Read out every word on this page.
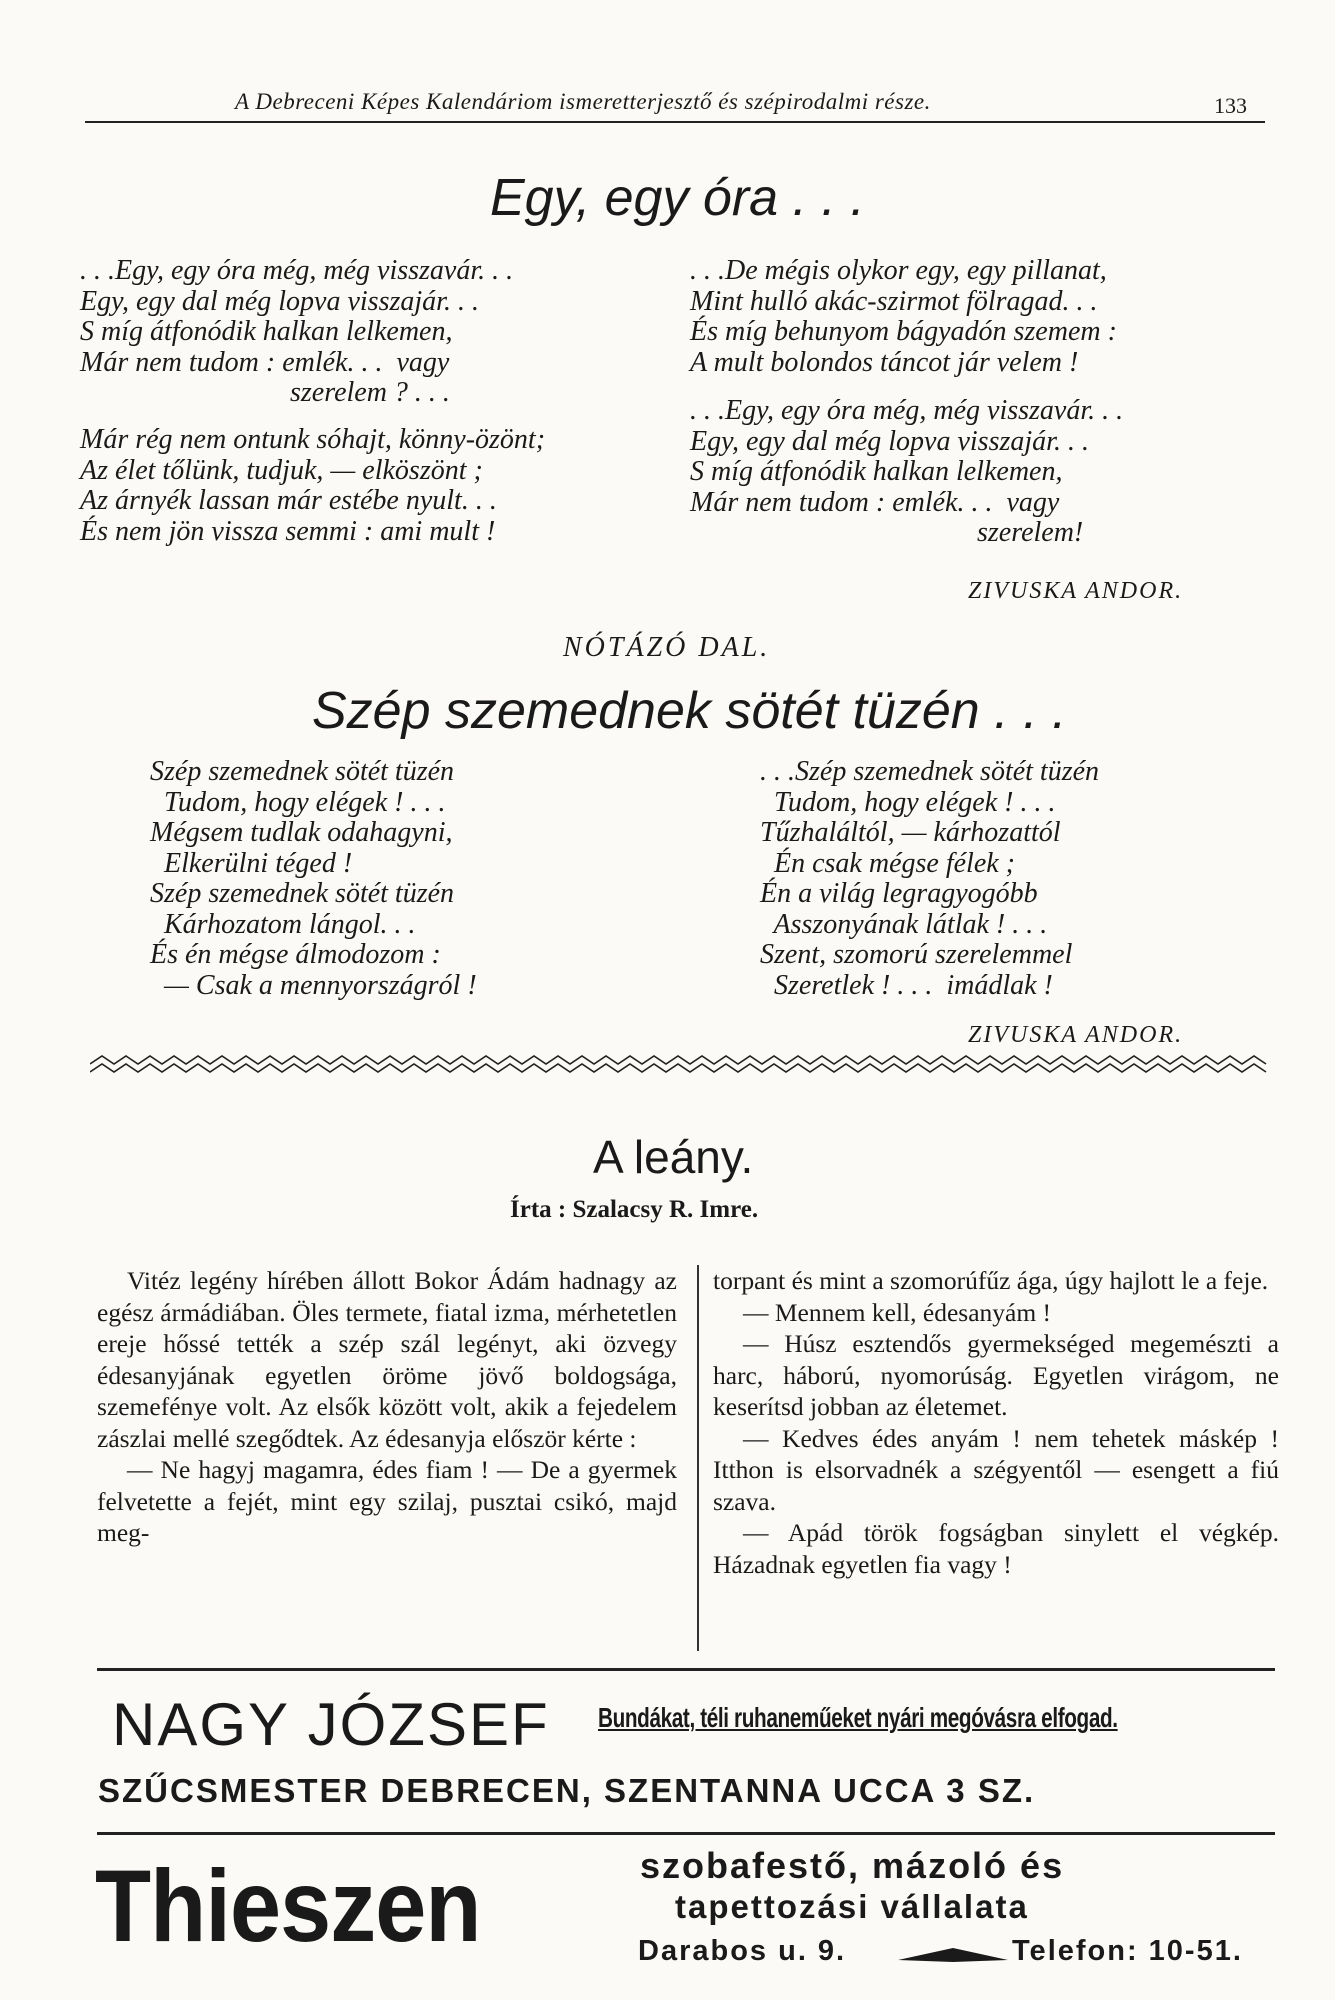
A Debreceni Képes Kalendáriom ismeretterjesztő és szépirodalmi része.	133
Egy, egy óra . . .
. . .Egy, egy óra még, még visszavár. . .
Egy, egy dal még lopva visszajár. . .
S míg átfonódik halkan lelkemen,
Már nem tudom : emlék. . .  vagy
szerelem ? . . .
Már rég nem ontunk sóhajt, könny-özönt;
Az élet tőlünk, tudjuk, — elköszönt ;
Az árnyék lassan már estébe nyult. . .
És nem jön vissza semmi : ami mult !
. . .De mégis olykor egy, egy pillanat,
Mint hulló akác-szirmot fölragad. . .
És míg behunyom bágyadón szemem :
A mult bolondos táncot jár velem !
. . .Egy, egy óra még, még visszavár. . .
Egy, egy dal még lopva visszajár. . .
S míg átfonódik halkan lelkemen,
Már nem tudom : emlék. . .  vagy
szerelem!
ZIVUSKA ANDOR.
NÓTÁZÓ DAL.
Szép szemednek sötét tüzén . . .
Szép szemednek sötét tüzén
Tudom, hogy elégek ! . . .
Mégsem tudlak odahagyni,
Elkerülni téged !
Szép szemednek sötét tüzén
Kárhozatom lángol. . .
És én mégse álmodozom :
— Csak a mennyországról !
. . .Szép szemednek sötét tüzén
Tudom, hogy elégek ! . . .
Tűzhaláltól, — kárhozattól
Én csak mégse félek ;
Én a világ legragyogóbb
Asszonyának látlak ! . . .
Szent, szomorú szerelemmel
Szeretlek ! . . .  imádlak !
ZIVUSKA ANDOR.
A leány.
Írta : Szalacsy R. Imre.

Vitéz legény hírében állott Bokor Ádám hadnagy az egész ármádiában. Öles termete, fiatal izma, mérhetetlen ereje hőssé tették a szép szál legényt, aki özvegy édesanyjának egyetlen öröme jövő boldogsága, szemefénye volt. Az elsők között volt, akik a fejedelem zászlai mellé szegődtek. Az édesanyja először kérte :

— Ne hagyj magamra, édes fiam ! — De a gyermek felvetette a fejét, mint egy szilaj, pusztai csikó, majd meg-

torpant és mint a szomorúfűz ága, úgy hajlott le a feje.

— Mennem kell, édesanyám !

— Húsz esztendős gyermekséged megemészti a harc, háború, nyomorúság. Egyetlen virágom, ne keserítsd jobban az életemet.

— Kedves édes anyám ! nem tehetek máskép ! Itthon is elsorvadnék a szégyentől — esengett a fiú szava.

— Apád török fogságban sinylett el végkép. Házadnak egyetlen fia vagy !

NAGY JÓZSEF Bundákat, téli ruhaneműeket nyári megóvásra elfogad.
SZŰCSMESTER DEBRECEN, SZENTANNA UCCA 3 SZ.
Thieszen	szobafestő, mázoló és
tapettozási vállalata
Darabos u. 9.	Telefon: 10-51.
